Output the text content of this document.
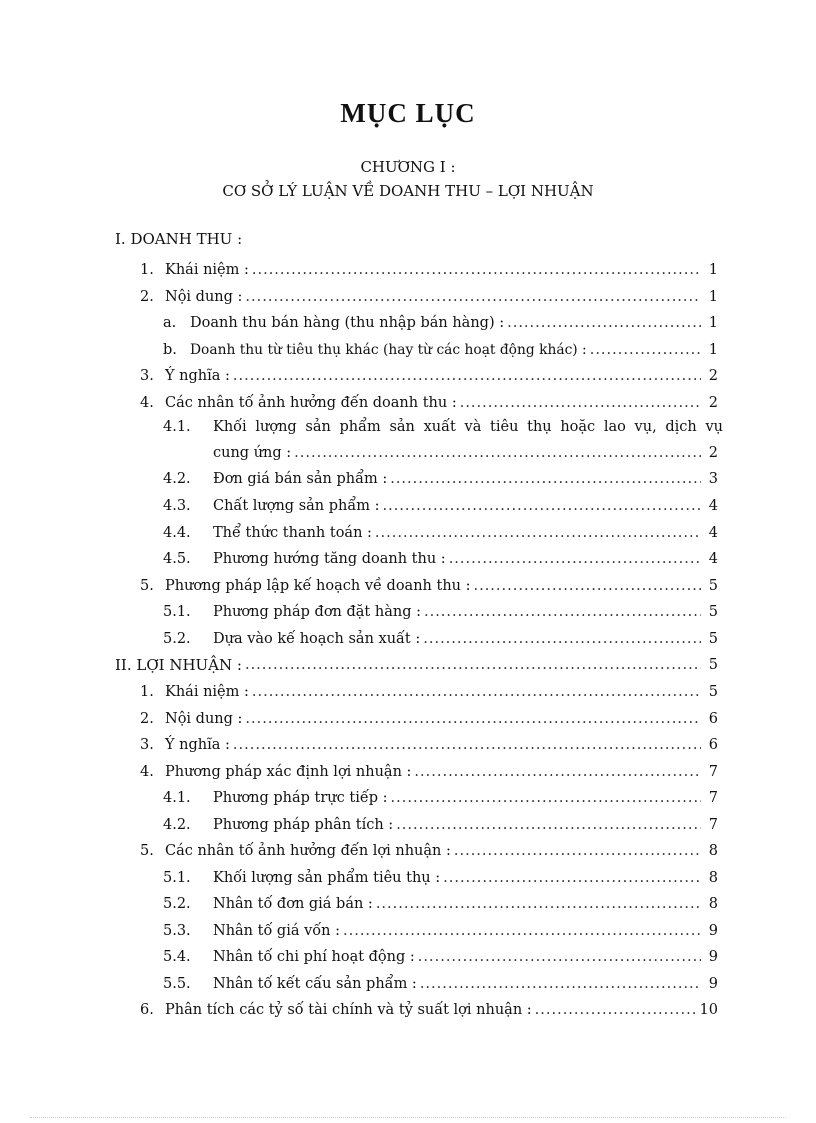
MỤC LỤC
CHƯƠNG I :
CƠ SỞ LÝ LUẬN VỀ DOANH THU – LỢI NHUẬN
I. DOANH THU :
1. Khái niệm : .....	1
2. Nội dung : .....	1
a. Doanh thu bán hàng (thu nhập bán hàng) : .....	1
b. Doanh thu từ tiêu thụ khác (hay từ các hoạt động khác) : .....	1
3. Ý nghĩa : .....	2
4. Các nhân tố ảnh hưởng đến doanh thu : .....	2
4.1. Khối lượng sản phẩm sản xuất và tiêu thụ hoặc lao vụ, dịch vụ
cung ứng : .....	2
4.2.	Đơn giá bán sản phẩm : .....	3
4.3.	Chất lượng sản phẩm : .....	4
4.4.	Thể thức thanh toán : .....	4
4.5.	Phương hướng tăng doanh thu : .....	4
5. Phương pháp lập kế hoạch về doanh thu : .....	5
5.1.	Phương pháp đơn đặt hàng : .....	5
5.2.	Dựa vào kế hoạch sản xuất : .....	5
II. LỢI NHUẬN : .....	5
1. Khái niệm : .....	5
2. Nội dung : .....	6
3. Ý nghĩa : .....	6
4. Phương pháp xác định lợi nhuận : .....	7
4.1.	Phương pháp trực tiếp : .....	7
4.2.	Phương pháp phân tích : .....	7
5. Các nhân tố ảnh hưởng đến lợi nhuận : .....	8
5.1.	Khối lượng sản phẩm tiêu thụ : .....	8
5.2.	Nhân tố đơn giá bán : .....	8
5.3.	Nhân tố giá vốn : .....	9
5.4.	Nhân tố chi phí hoạt động : .....	9
5.5.	Nhân tố kết cấu sản phẩm : .....	9
6. Phân tích các tỷ số tài chính và tỷ suất lợi nhuận : .....	10
